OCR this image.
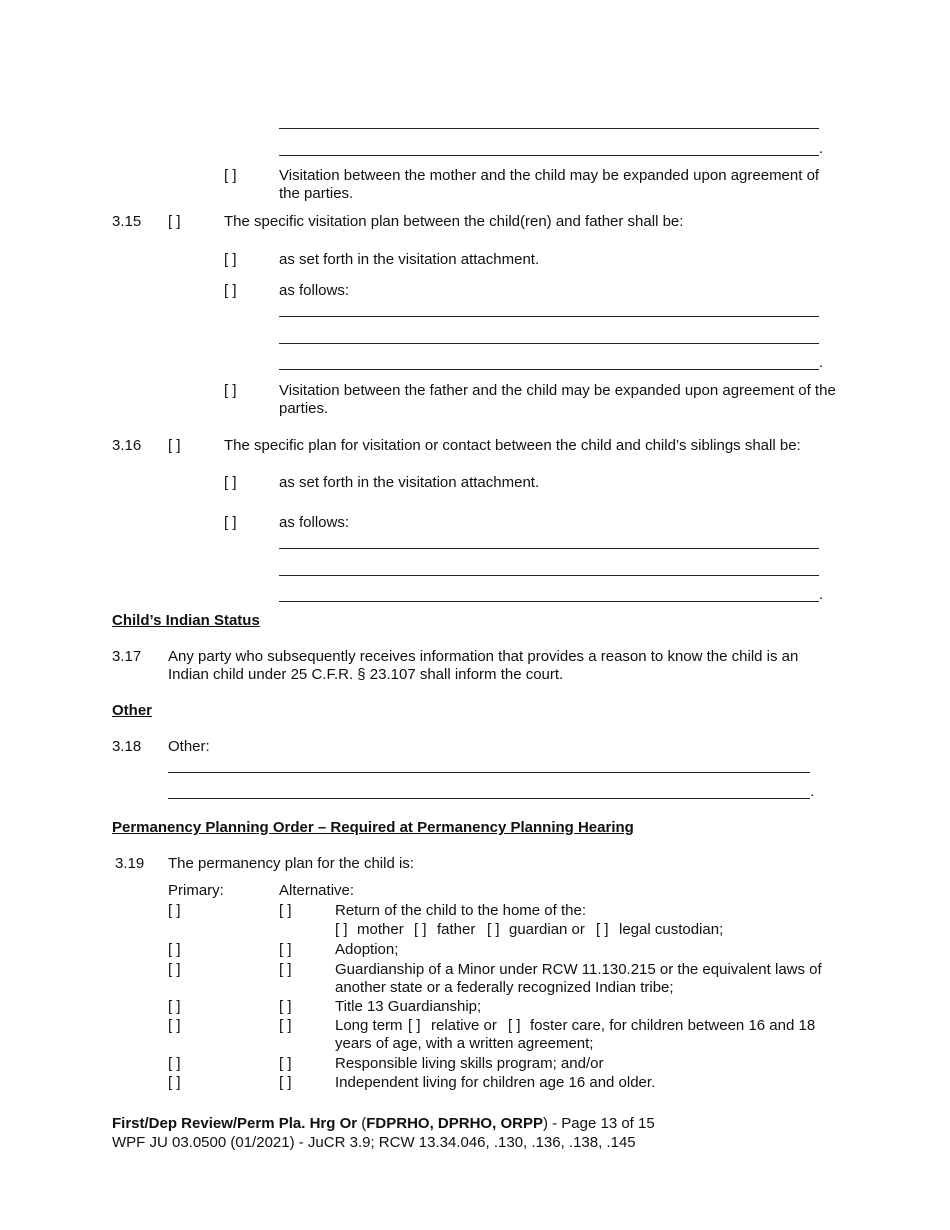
.
[ ]	Visitation between the mother and the child may be expanded upon agreement of the parties.
3.15 [ ]	The specific visitation plan between the child(ren) and father shall be:
[ ]	as set forth in the visitation attachment.
[ ]	as follows:
.
[ ]	Visitation between the father and the child may be expanded upon agreement of the parties.
3.16 [ ]	The specific plan for visitation or contact between the child and child’s siblings shall be:
[ ]	as set forth in the visitation attachment.
[ ]	as follows:
.
Child’s Indian Status
3.17 Any party who subsequently receives information that provides a reason to know the child is an Indian child under 25 C.F.R. § 23.107 shall inform the court.
Other
3.18 Other:
.
Permanency Planning Order – Required at Permanency Planning Hearing
3.19 The permanency plan for the child is:
Primary:	Alternative:
[ ]	[ ]	Return of the child to the home of the:
[ ] mother [ ] father [ ] guardian or [ ] legal custodian;
[ ]	[ ]	Adoption;
[ ]	[ ]	Guardianship of a Minor under RCW 11.130.215 or the equivalent laws of another state or a federally recognized Indian tribe;
[ ]	[ ]	Title 13 Guardianship;
[ ]	[ ]	Long term [ ] relative or [ ] foster care, for children between 16 and 18 years of age, with a written agreement;
[ ]	[ ]	Responsible living skills program; and/or
[ ]	[ ]	Independent living for children age 16 and older.
First/Dep Review/Perm Pla. Hrg Or (FDPRHO, DPRHO, ORPP) - Page 13 of 15
WPF JU 03.0500 (01/2021) - JuCR 3.9; RCW 13.34.046, .130, .136, .138, .145
